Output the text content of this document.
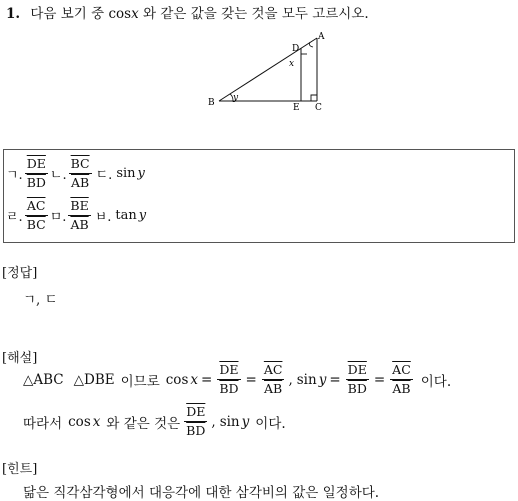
1. 다음 보기 중 cosx 와 같은 값을 갖는 것을 모두 고르시오.
A
B	C
D
E
x
y
ㄱ. $\frac{\overline{DE}}{BD}$ ㄴ. $\frac{\overline{BC}}{AB}$ ㄷ. sin y
ㄹ. $\frac{\overline{AC}}{BC}$ ㅁ. $\frac{\overline{BE}}{AB}$ ㅂ. tan y
[정답]
ㄱ, ㄷ
[해설]
△ABC △DBE 이므로 $\cos x = \frac{\overline{DE}}{BD} = \frac{\overline{AC}}{AB}$ , $\sin y = \frac{\overline{DE}}{BD} = \frac{\overline{AC}}{AB}$ 이다.
따라서 cos x 와 같은 것은 $\frac{\overline{DE}}{BD}$ , sin y 이다.
[힌트]
닮은 직각삼각형에서 대응각에 대한 삼각비의 값은 일정하다.
